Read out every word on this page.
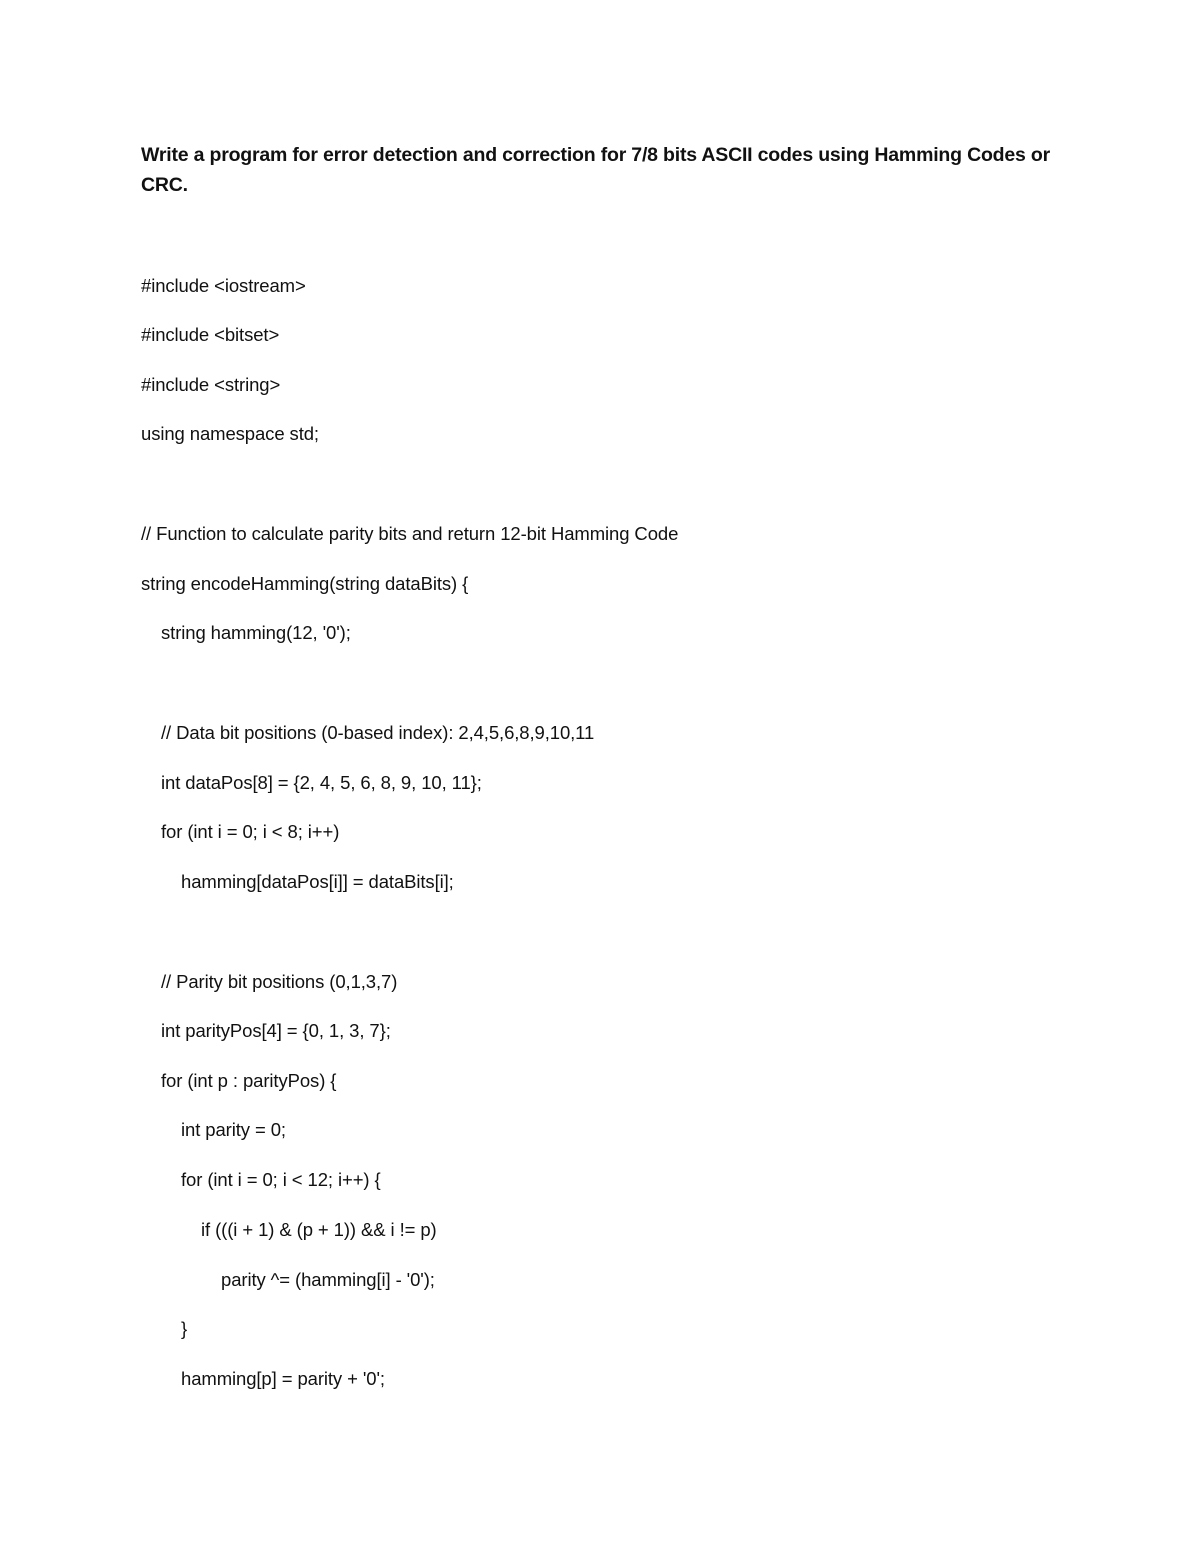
Write a program for error detection and correction for 7/8 bits ASCII codes using Hamming Codes or CRC.

#include <iostream>

#include <bitset>

#include <string>

using namespace std;

// Function to calculate parity bits and return 12-bit Hamming Code

string encodeHamming(string dataBits) {

string hamming(12, '0');

// Data bit positions (0-based index): 2,4,5,6,8,9,10,11

int dataPos[8] = {2, 4, 5, 6, 8, 9, 10, 11};

for (int i = 0; i < 8; i++)

hamming[dataPos[i]] = dataBits[i];

// Parity bit positions (0,1,3,7)

int parityPos[4] = {0, 1, 3, 7};

for (int p : parityPos) {

int parity = 0;

for (int i = 0; i < 12; i++) {

if (((i + 1) & (p + 1)) && i != p)

parity ^= (hamming[i] - '0');

}

hamming[p] = parity + '0';
